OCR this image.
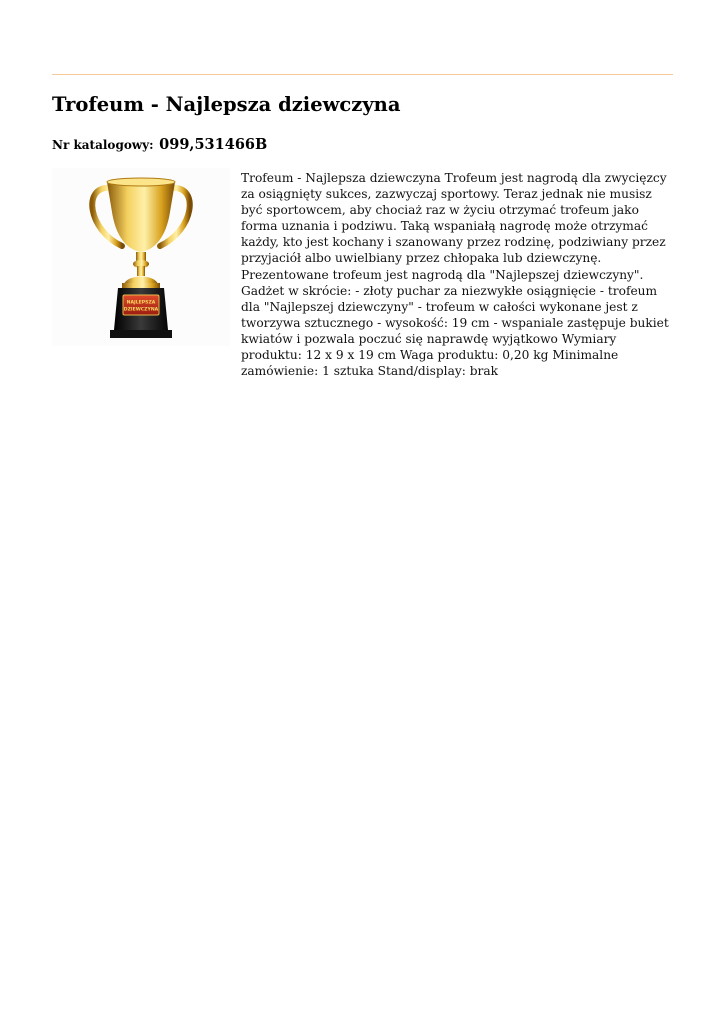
Trofeum - Najlepsza dziewczyna
Nr katalogowy: 099,531466B
NAJLEPSZA
DZIEWCZYNA

Trofeum - Najlepsza dziewczyna Trofeum jest nagrodą dla zwycięzcy
za osiągnięty sukces, zazwyczaj sportowy. Teraz jednak nie musisz
być sportowcem, aby chociaż raz w życiu otrzymać trofeum jako
forma uznania i podziwu. Taką wspaniałą nagrodę może otrzymać
każdy, kto jest kochany i szanowany przez rodzinę, podziwiany przez
przyjaciół albo uwielbiany przez chłopaka lub dziewczynę.
Prezentowane trofeum jest nagrodą dla "Najlepszej dziewczyny".
Gadżet w skrócie: - złoty puchar za niezwykłe osiągnięcie - trofeum
dla "Najlepszej dziewczyny" - trofeum w całości wykonane jest z
tworzywa sztucznego - wysokość: 19 cm - wspaniale zastępuje bukiet
kwiatów i pozwala poczuć się naprawdę wyjątkowo Wymiary
produktu: 12 x 9 x 19 cm Waga produktu: 0,20 kg Minimalne
zamówienie: 1 sztuka Stand/display: brak
